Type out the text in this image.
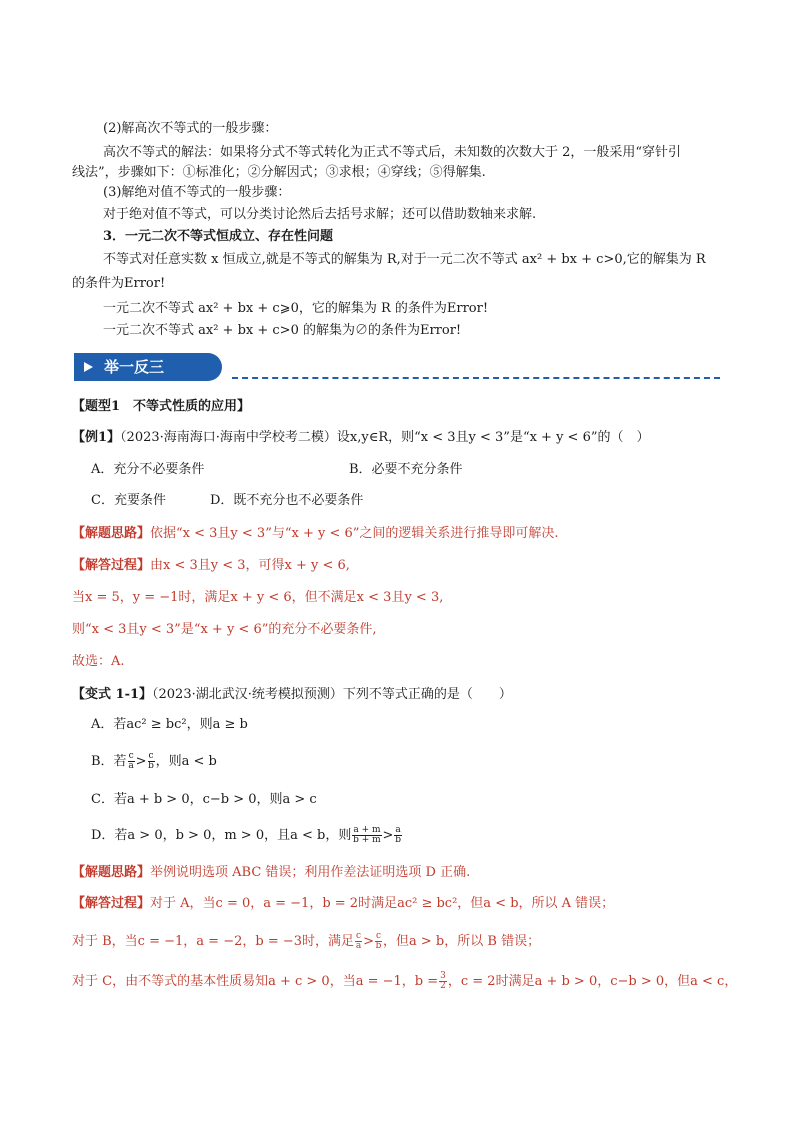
(2)解高次不等式的一般步骤：
高次不等式的解法：如果将分式不等式转化为正式不等式后，未知数的次数大于 2，一般采用“穿针引
线法”，步骤如下：①标准化；②分解因式；③求根；④穿线；⑤得解集.
(3)解绝对值不等式的一般步骤：
对于绝对值不等式，可以分类讨论然后去括号求解；还可以借助数轴来求解.
3．一元二次不等式恒成立、存在性问题
不等式对任意实数 x 恒成立,就是不等式的解集为 R,对于一元二次不等式 ax² + bx + c>0,它的解集为 R
的条件为Error!
一元二次不等式 ax² + bx + c⩾0，它的解集为 R 的条件为Error!
一元二次不等式 ax² + bx + c>0 的解集为∅的条件为Error!
举一反三
【题型1　不等式性质的应用】
【例1】（2023·海南海口·海南中学校考二模）设x,y∈R，则“x < 3且y < 3”是“x + y < 6”的（　）
A．充分不必要条件	B．必要不充分条件
C．充要条件	D．既不充分也不必要条件
【解题思路】依据“x < 3且y < 3”与“x + y < 6”之间的逻辑关系进行推导即可解决.
【解答过程】由x < 3且y < 3，可得x + y < 6,
当x = 5，y = −1时，满足x + y < 6，但不满足x < 3且y < 3,
则“x < 3且y < 3”是“x + y < 6”的充分不必要条件,
故选：A.
【变式 1-1】（2023·湖北武汉·统考模拟预测）下列不等式正确的是（　　）
A．若ac² ≥ bc²，则a ≥ b
B．若 $\frac{c}{a} > \frac{c}{b}$ ，则a < b
C．若a + b > 0，c−b > 0，则a > c
D．若a > 0，b > 0，m > 0，且a < b，则 $\frac{a + m}{b + m} > \frac{a}{b}$
【解题思路】举例说明选项 ABC 错误；利用作差法证明选项 D 正确.
【解答过程】对于 A，当c = 0，a = −1，b = 2时满足ac² ≥ bc²，但a < b，所以 A 错误；
对于 B，当c = −1，a = −2，b = −3时，满足 $\frac{c}{a} > \frac{c}{b}$ ，但a > b，所以 B 错误；
对于 C，由不等式的基本性质易知a + c > 0，当a = −1，$b = \frac{3}{2}$ ，c = 2时满足a + b > 0，c−b > 0，但a < c，
